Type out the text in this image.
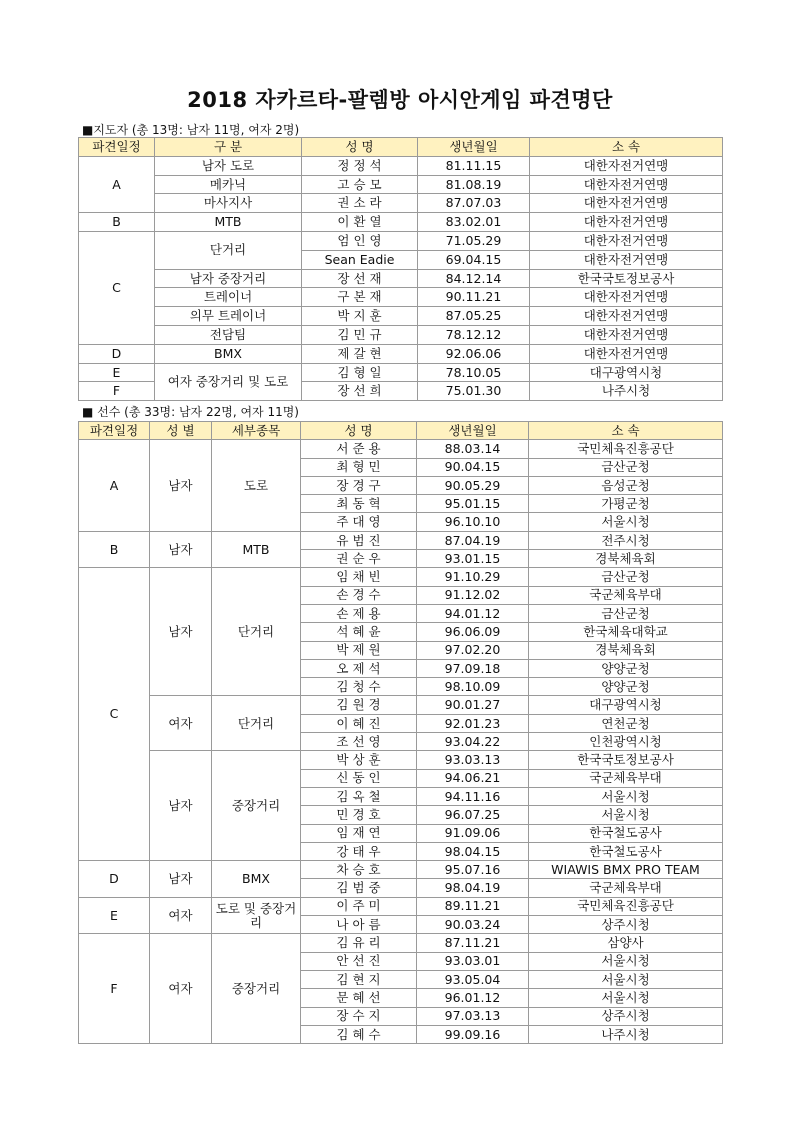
2018 자카르타-팔렘방 아시안게임 파견명단
■지도자 (총 13명: 남자 11명, 여자 2명)
파견일정	구 분	성 명	생년월일	소 속
A	남자 도로	정 정 석	81.11.15	대한자전거연맹
	메카닉	고 승 모	81.08.19	대한자전거연맹
	마사지사	권 소 라	87.07.03	대한자전거연맹
B	MTB	이 환 열	83.02.01	대한자전거연맹
C	단거리	엄 인 영	71.05.29	대한자전거연맹
		Sean Eadie	69.04.15	대한자전거연맹
	남자 중장거리	장 선 재	84.12.14	한국국토정보공사
	트레이너	구 본 재	90.11.21	대한자전거연맹
	의무 트레이너	박 지 훈	87.05.25	대한자전거연맹
	전담팀	김 민 규	78.12.12	대한자전거연맹
D	BMX	제 갈 현	92.06.06	대한자전거연맹
E	여자 중장거리 및 도로	김 형 일	78.10.05	대구광역시청
F		장 선 희	75.01.30	나주시청
■ 선수 (총 33명: 남자 22명, 여자 11명)
파견일정	성 별	세부종목	성 명	생년월일	소 속
A	남자	도로	서 준 용	88.03.14	국민체육진흥공단
			최 형 민	90.04.15	금산군청
			장 경 구	90.05.29	음성군청
			최 동 혁	95.01.15	가평군청
			주 대 영	96.10.10	서울시청
B	남자	MTB	유 범 진	87.04.19	전주시청
			권 순 우	93.01.15	경북체육회
C	남자	단거리	임 채 빈	91.10.29	금산군청
			손 경 수	91.12.02	국군체육부대
			손 제 용	94.01.12	금산군청
			석 혜 윤	96.06.09	한국체육대학교
			박 제 원	97.02.20	경북체육회
			오 제 석	97.09.18	양양군청
			김 청 수	98.10.09	양양군청
	여자	단거리	김 원 경	90.01.27	대구광역시청
			이 혜 진	92.01.23	연천군청
			조 선 영	93.04.22	인천광역시청
	남자	중장거리	박 상 훈	93.03.13	한국국토정보공사
			신 동 인	94.06.21	국군체육부대
			김 옥 철	94.11.16	서울시청
			민 경 호	96.07.25	서울시청
			임 재 연	91.09.06	한국철도공사
			강 태 우	98.04.15	한국철도공사
D	남자	BMX	차 승 호	95.07.16	WIAWIS BMX PRO TEAM
			김 범 중	98.04.19	국군체육부대
E	여자	도로 및 중장거리	이 주 미	89.11.21	국민체육진흥공단
			나 아 름	90.03.24	상주시청
F	여자	중장거리	김 유 리	87.11.21	삼양사
			안 선 진	93.03.01	서울시청
			김 현 지	93.05.04	서울시청
			문 혜 선	96.01.12	서울시청
			장 수 지	97.03.13	상주시청
			김 혜 수	99.09.16	나주시청
